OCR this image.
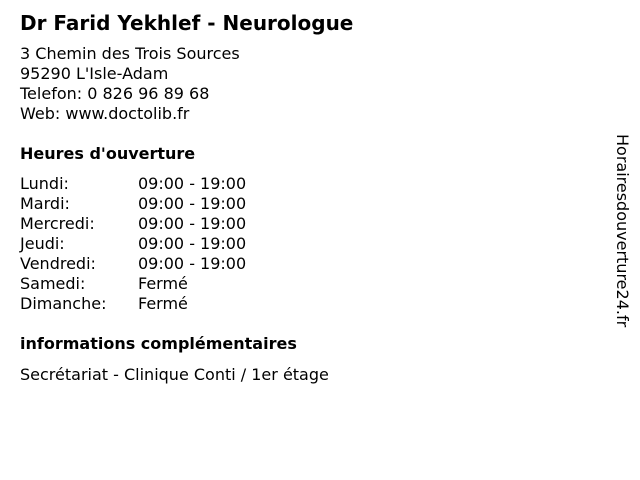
Dr Farid Yekhlef - Neurologue
3 Chemin des Trois Sources
95290 L'Isle-Adam
Telefon: 0 826 96 89 68
Web: www.doctolib.fr
Heures d'ouverture
Lundi:	09:00 - 19:00
Mardi:	09:00 - 19:00
Mercredi:	09:00 - 19:00
Jeudi:	09:00 - 19:00
Vendredi:	09:00 - 19:00
Samedi:	Fermé
Dimanche: Fermé
informations complémentaires
Secrétariat - Clinique Conti / 1er étage
Horairesdouverture24.fr
